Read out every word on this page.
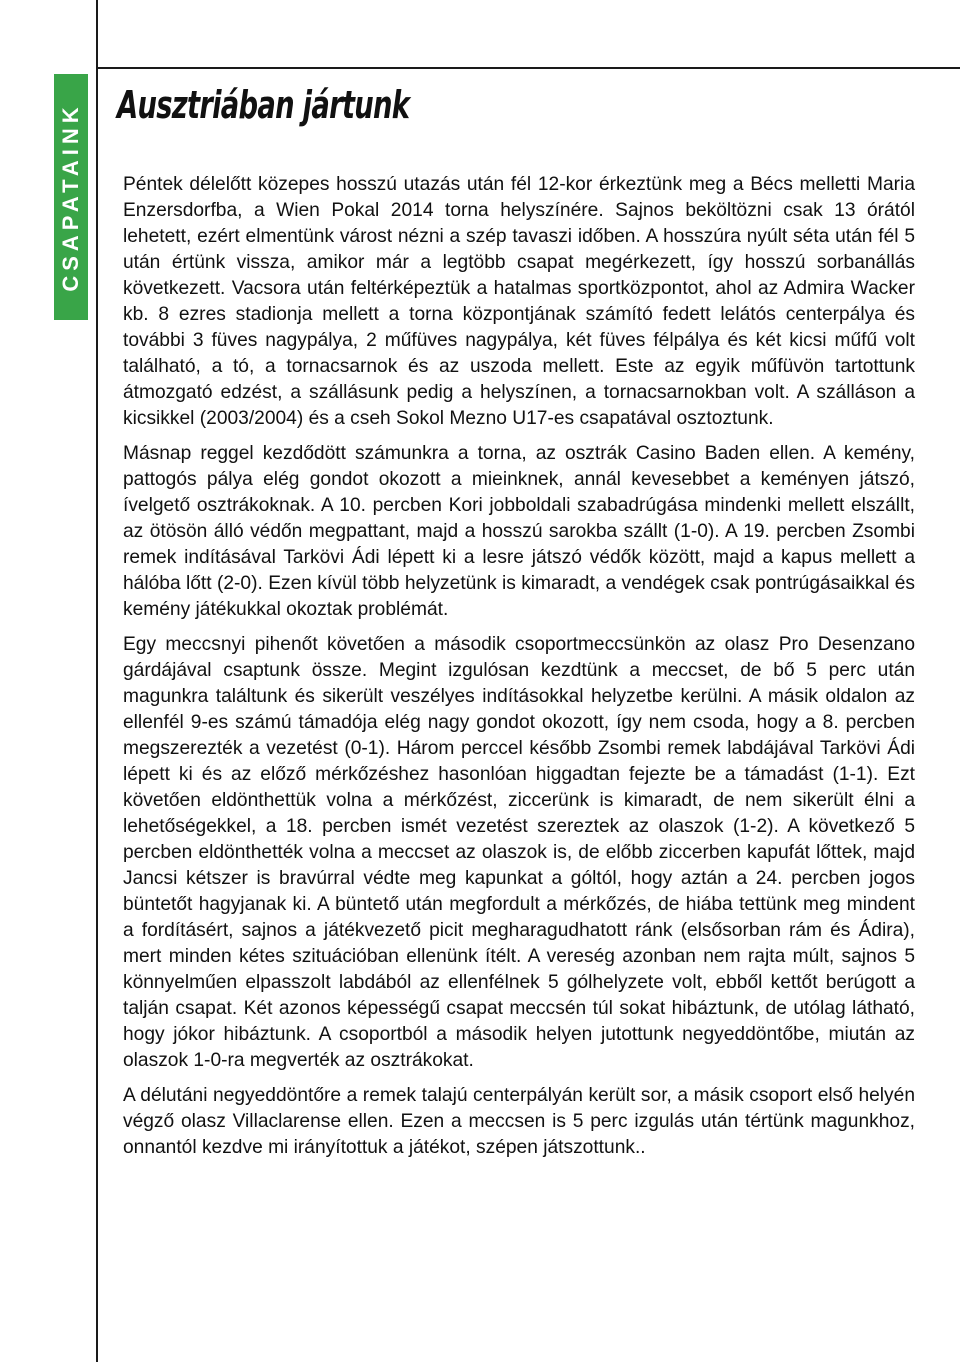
CSAPATAINK Ausztriában jártunk

Péntek délelőtt közepes hosszú utazás után fél 12-kor érkeztünk meg a Bécs melletti Maria Enzersdorfba, a Wien Pokal 2014 torna helyszínére. Sajnos beköltözni csak 13 órától lehetett, ezért elmentünk várost nézni a szép tavaszi időben. A hosszúra nyúlt séta után fél 5 után értünk vissza, amikor már a legtöbb csapat megérkezett, így hosszú sorbanállás következett. Vacsora után feltérképeztük a hatalmas sportközpontot, ahol az Admira Wacker kb. 8 ezres stadionja mellett a torna központjának számító fedett lelátós centerpálya és további 3 füves nagypálya, 2 műfüves nagypálya, két füves félpálya és két kicsi műfű volt található, a tó, a tornacsarnok és az uszoda mellett. Este az egyik műfüvön tartottunk átmozgató edzést, a szállásunk pedig a helyszínen, a tornacsarnokban volt. A szálláson a kicsikkel (2003/2004) és a cseh Sokol Mezno U17-es csapatával osztoztunk.

Másnap reggel kezdődött számunkra a torna, az osztrák Casino Baden ellen. A kemény, pattogós pálya elég gondot okozott a mieinknek, annál kevesebbet a keményen játszó, ívelgető osztrákoknak. A 10. percben Kori jobboldali szabadrúgása mindenki mellett elszállt, az ötösön álló védőn megpattant, majd a hosszú sarokba szállt (1-0). A 19. percben Zsombi remek indításával Tarkövi Ádi lépett ki a lesre játszó védők között, majd a kapus mellett a hálóba lőtt (2-0). Ezen kívül több helyzetünk is kimaradt, a vendégek csak pontrúgásaikkal és kemény játékukkal okoztak problémát.

Egy meccsnyi pihenőt követően a második csoportmeccsünkön az olasz Pro Desenzano gárdájával csaptunk össze. Megint izgulósan kezdtünk a meccset, de bő 5 perc után magunkra találtunk és sikerült veszélyes indításokkal helyzetbe kerülni. A másik oldalon az ellenfél 9-es számú támadója elég nagy gondot okozott, így nem csoda, hogy a 8. percben megszerezték a vezetést (0-1). Három perccel később Zsombi remek labdájával Tarkövi Ádi lépett ki és az előző mérkőzéshez hasonlóan higgadtan fejezte be a támadást (1-1). Ezt követően eldönthettük volna a mérkőzést, ziccerünk is kimaradt, de nem sikerült élni a lehetőségekkel, a 18. percben ismét vezetést szereztek az olaszok (1-2). A következő 5 percben eldönthették volna a meccset az olaszok is, de előbb ziccerben kapufát lőttek, majd Jancsi kétszer is bravúrral védte meg kapunkat a góltól, hogy aztán a 24. percben jogos büntetőt hagyjanak ki. A büntető után megfordult a mérkőzés, de hiába tettünk meg mindent a fordításért, sajnos a játékvezető picit megharagudhatott ránk (elsősorban rám és Ádira), mert minden kétes szituációban ellenünk ítélt. A vereség azonban nem rajta múlt, sajnos 5 könnyelműen elpasszolt labdából az ellenfélnek 5 gólhelyzete volt, ebből kettőt berúgott a talján csapat. Két azonos képességű csapat meccsén túl sokat hibáztunk, de utólag látható, hogy jókor hibáztunk. A csoportból a második helyen jutottunk negyeddöntőbe, miután az olaszok 1-0-ra megverték az osztrákokat.

A délutáni negyeddöntőre a remek talajú centerpályán került sor, a másik csoport első helyén végző olasz Villaclarense ellen. Ezen a meccsen is 5 perc izgulás után tértünk magunkhoz, onnantól kezdve mi irányítottuk a játékot, szépen játszottunk..
